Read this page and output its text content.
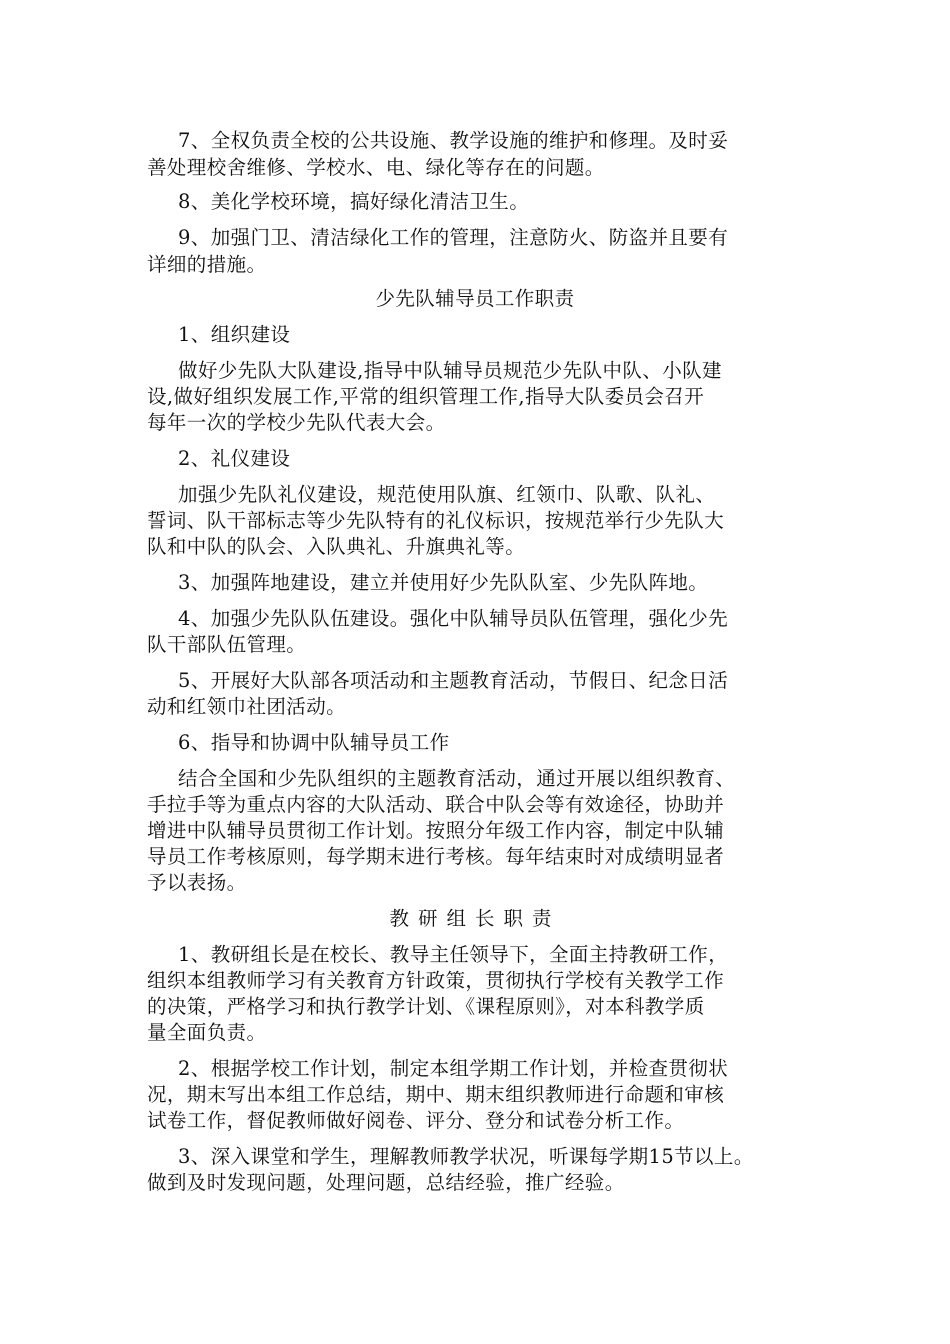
7、全权负责全校的公共设施、教学设施的维护和修理。及时妥
善处理校舍维修、学校水、电、绿化等存在的问题。
8、美化学校环境，搞好绿化清洁卫生。
9、加强门卫、清洁绿化工作的管理，注意防火、防盗并且要有
详细的措施。
少先队辅导员工作职责
1、组织建设
做好少先队大队建设,指导中队辅导员规范少先队中队、小队建
设,做好组织发展工作,平常的组织管理工作,指导大队委员会召开
每年一次的学校少先队代表大会。
2、礼仪建设
加强少先队礼仪建设，规范使用队旗、红领巾、队歌、队礼、
誓词、队干部标志等少先队特有的礼仪标识，按规范举行少先队大
队和中队的队会、入队典礼、升旗典礼等。
3、加强阵地建设，建立并使用好少先队队室、少先队阵地。
4、加强少先队队伍建设。强化中队辅导员队伍管理，强化少先
队干部队伍管理。
5、开展好大队部各项活动和主题教育活动，节假日、纪念日活
动和红领巾社团活动。
6、指导和协调中队辅导员工作
结合全国和少先队组织的主题教育活动，通过开展以组织教育、
手拉手等为重点内容的大队活动、联合中队会等有效途径，协助并
增进中队辅导员贯彻工作计划。按照分年级工作内容，制定中队辅
导员工作考核原则，每学期末进行考核。每年结束时对成绩明显者
予以表扬。
教研组长职责
1、教研组长是在校长、教导主任领导下，全面主持教研工作，
组织本组教师学习有关教育方针政策，贯彻执行学校有关教学工作
的决策，严格学习和执行教学计划、《课程原则》，对本科教学质
量全面负责。
2、根据学校工作计划，制定本组学期工作计划，并检查贯彻状
况，期末写出本组工作总结，期中、期末组织教师进行命题和审核
试卷工作，督促教师做好阅卷、评分、登分和试卷分析工作。
3、深入课堂和学生，理解教师教学状况，听课每学期15节以上。
做到及时发现问题，处理问题，总结经验，推广经验。
